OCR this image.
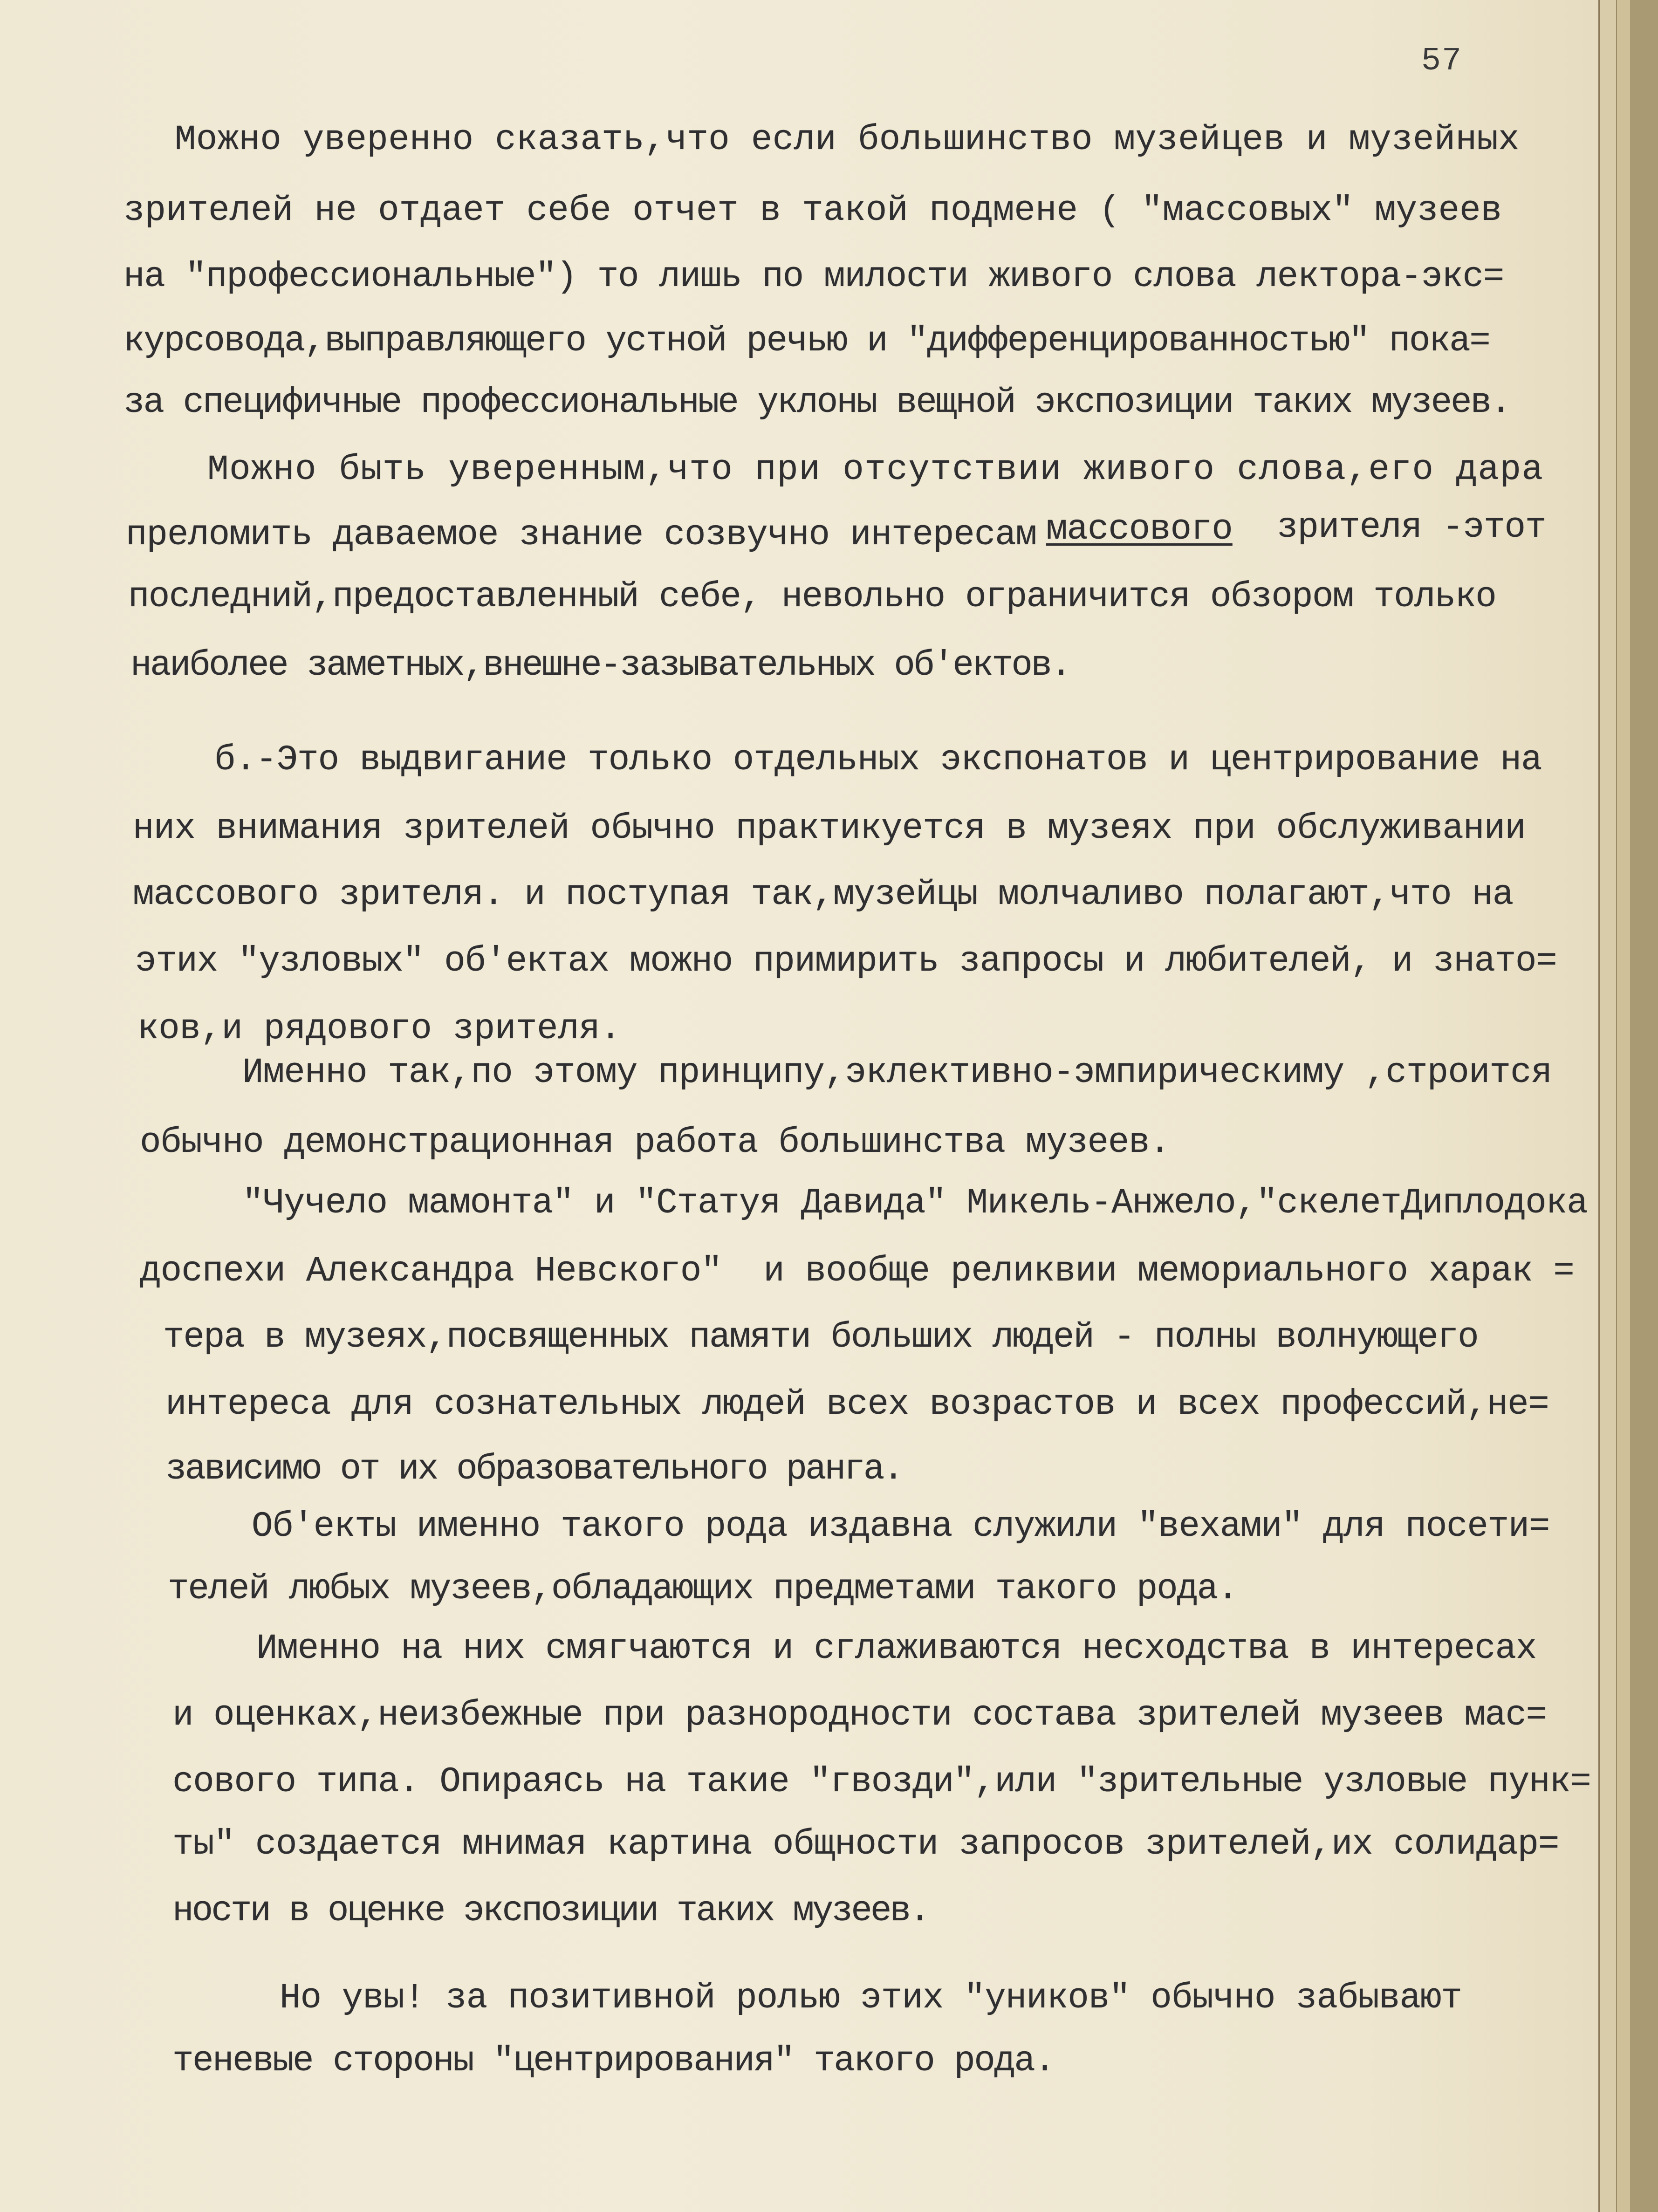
57
Можно уверенно сказать,что если большинство музейцев и музейных
зрителей не отдает себе отчет в такой подмене ( "массовых" музеев
на "профессиональные") то лишь по милости живого слова лектора-экс=
курсовода,выправляющего устной речью и "дифференцированностью" пока=
за специфичные профессиональные уклоны вещной экспозиции таких музеев.
Можно быть уверенным,что при отсутствии живого слова,его дара
преломить даваемое знание созвучно интересам массового зрителя -этот
последний,предоставленный себе, невольно ограничится обзором только
наиболее заметных,внешне-зазывательных об'ектов.
б.-Это выдвигание только отдельных экспонатов и центрирование на
них внимания зрителей обычно практикуется в музеях при обслуживании
массового зрителя. и поступая так,музейцы молчаливо полагают,что на
этих "узловых" об'ектах можно примирить запросы и любителей, и знато=
ков,и рядового зрителя.
Именно так,по этому принципу,эклективно-эмпирическиму ,строится
обычно демонстрационная работа большинства музеев.
"Чучело мамонта" и "Статуя Давида" Микель-Анжело,"скелетДиплодока
доспехи Александра Невского"  и вообще реликвии мемориального харак =
тера в музеях,посвященных памяти больших людей - полны волнующего
интереса для сознательных людей всех возрастов и всех профессий,не=
зависимо от их образовательного ранга.
Об'екты именно такого рода издавна служили "вехами" для посети=
телей любых музеев,обладающих предметами такого рода.
Именно на них смягчаются и сглаживаются несходства в интересах
и оценках,неизбежные при разнородности состава зрителей музеев мас=
сового типа. Опираясь на такие "гвозди",или "зрительные узловые пунк=
ты" создается мнимая картина общности запросов зрителей,их солидар=
ности в оценке экспозиции таких музеев.
Но увы! за позитивной ролью этих "уников" обычно забывают
теневые стороны "центрирования" такого рода.
